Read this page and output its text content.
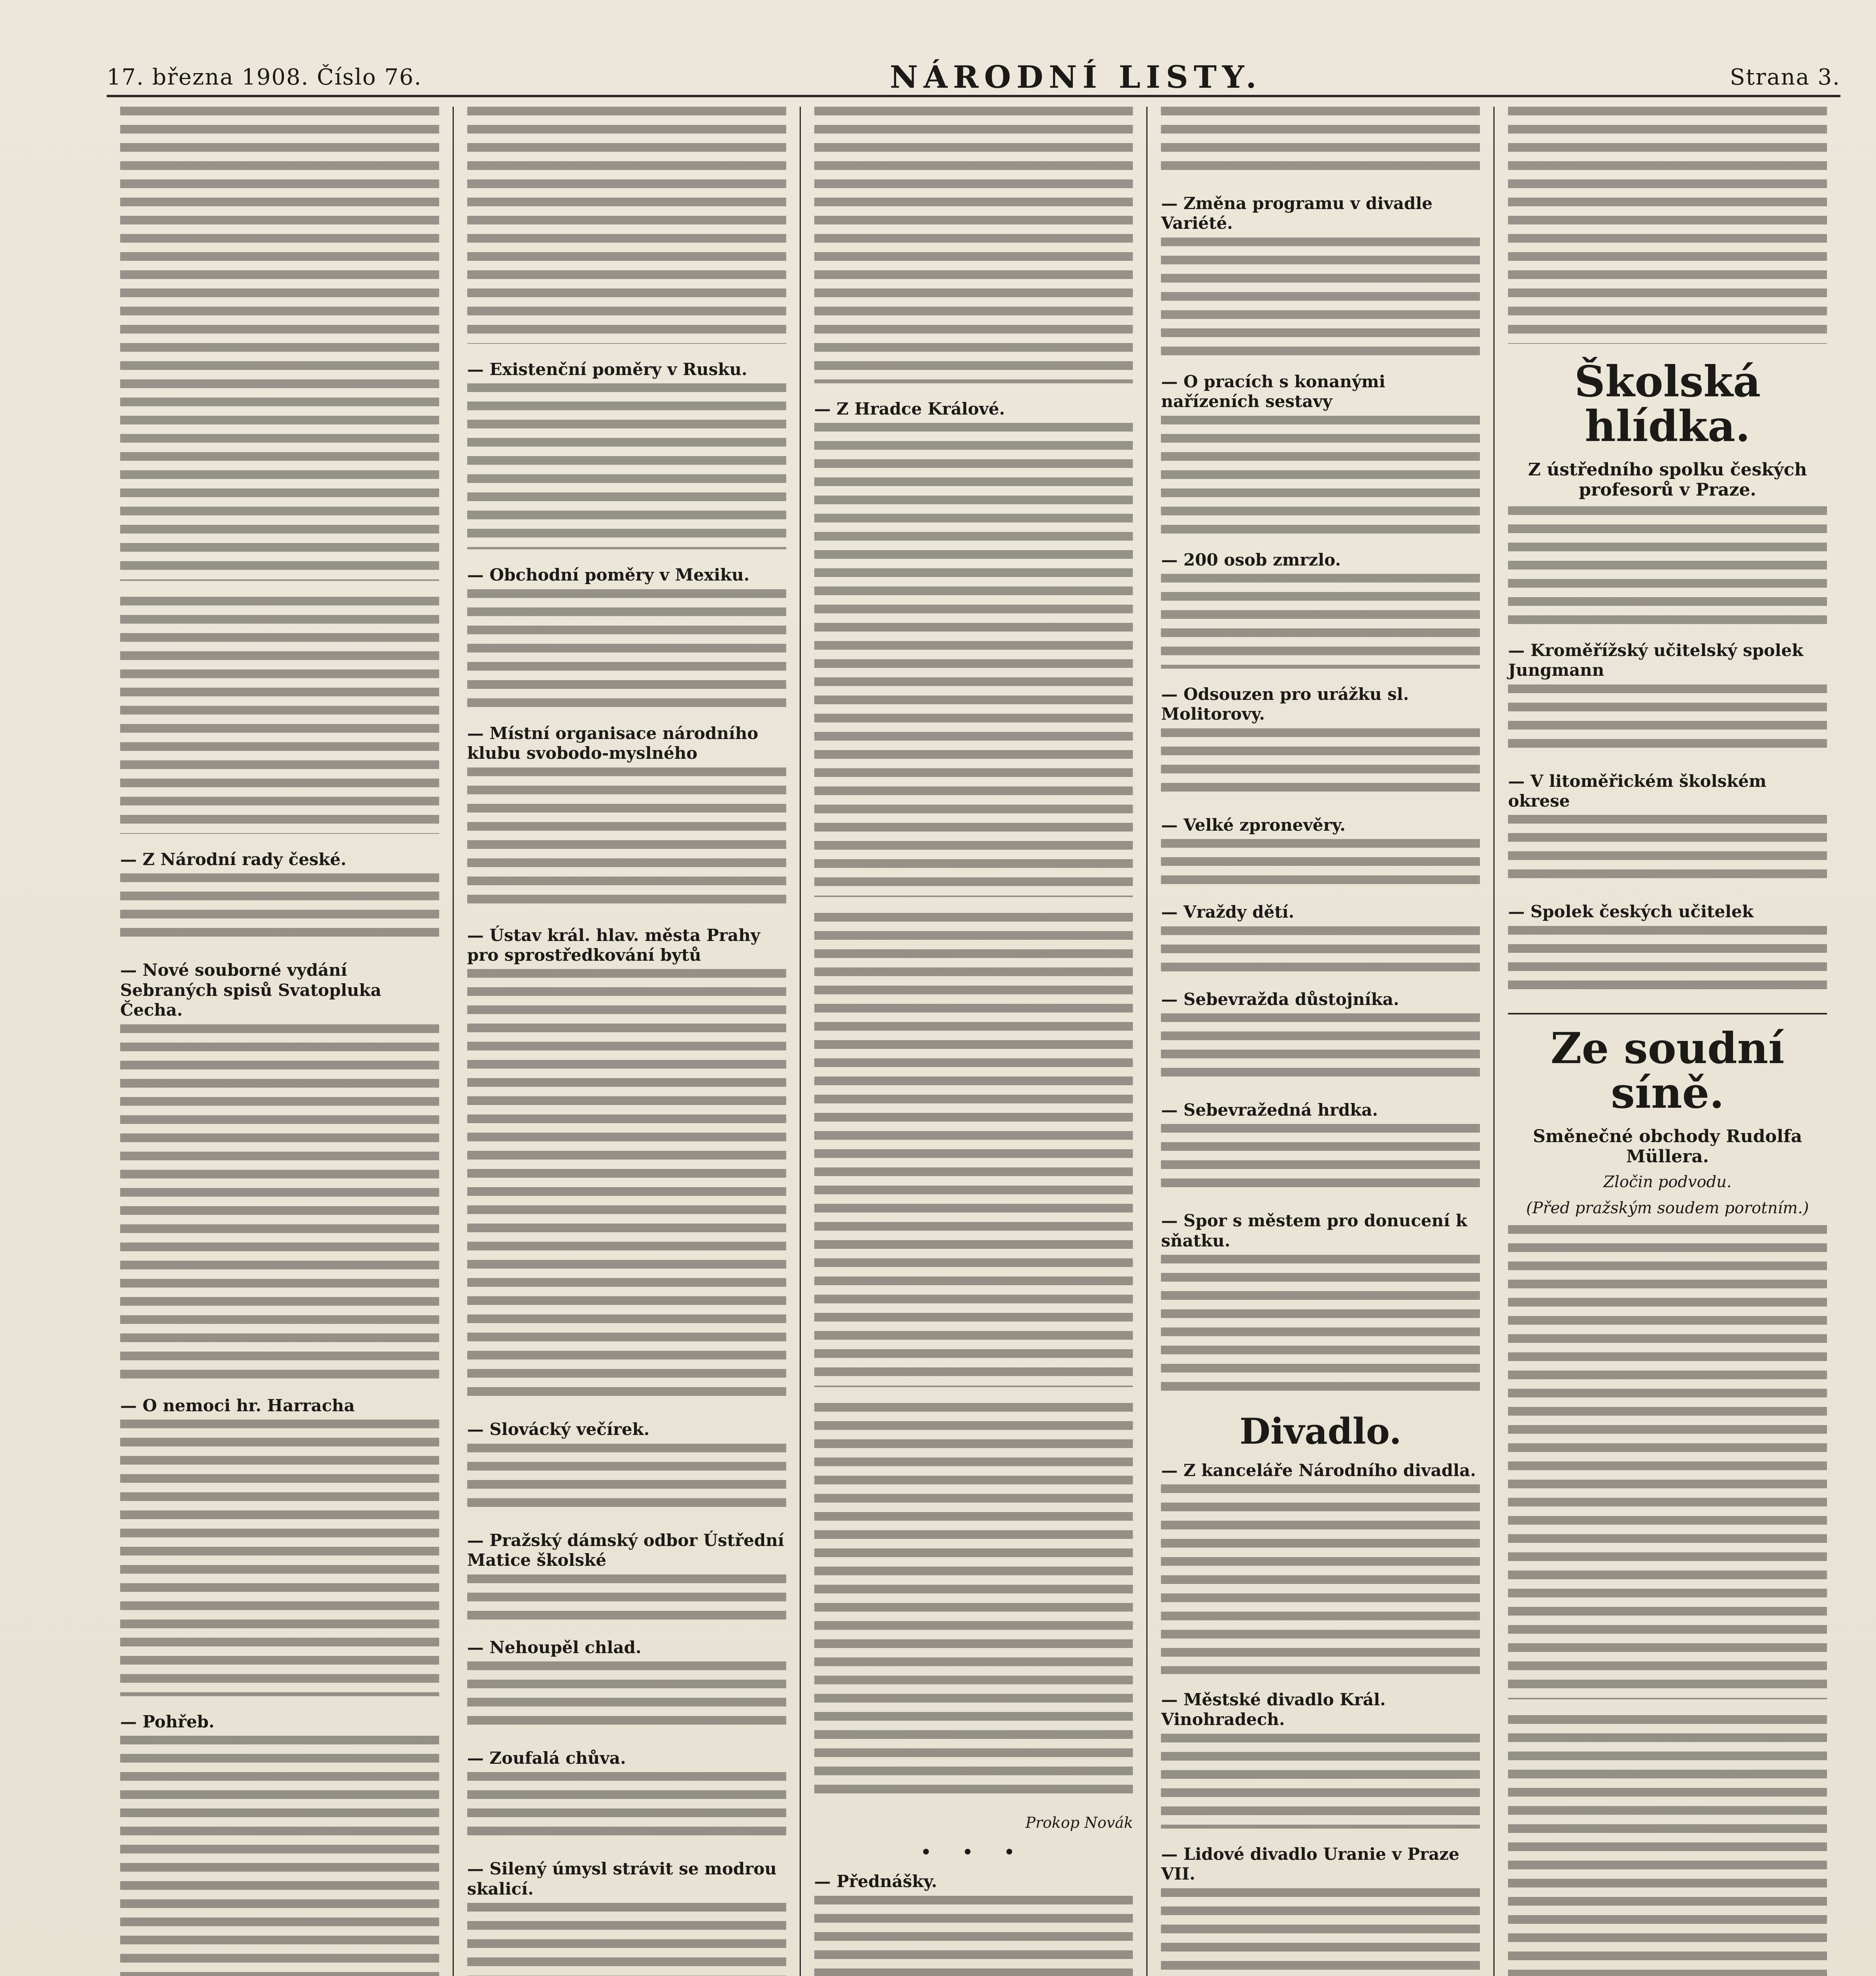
17. března 1908. Číslo 76.	NÁRODNÍ LISTY.	Strana 3.
— Z Národní rady české.
— Nové souborné vydání Sebraných spisů Svatopluka Čecha.
— O nemoci hr. Harracha
— Pohřeb.
— Existenční poměry v Rusku.
— Obchodní poměry v Mexiku.
— Místní organisace národního klubu svobodo-myslného
— Ústav král. hlav. města Prahy pro sprostředkování bytů
— Slovácký večírek.
— Pražský dámský odbor Ústřední Matice školské
— Nehoupěl chlad.
— Zoufalá chůva.
— Silený úmysl strávit se modrou skalicí.
— Z Hradce Králové.
Prokop Novák
• • •
— Přednášky.
— Změna programu v divadle Variété.
— O pracích s konanými nařízeních sestavy
— 200 osob zmrzlo.
— Odsouzen pro urážku sl. Molitorovy.
— Velké zpronevěry.
— Vraždy dětí.
— Sebevražda důstojníka.
— Sebevražedná hrdka.
— Spor s městem pro donucení k sňatku.
Divadlo.
— Z kanceláře Národního divadla.
— Městské divadlo Král. Vinohradech.
— Lidové divadlo Uranie v Praze VII.
Školská hlídka.
Z ústředního spolku českých profesorů v Praze.
— Kroměřížský učitelský spolek Jungmann
— V litoměřickém školském okrese
— Spolek českých učitelek
Ze soudní síně.
Směnečné obchody Rudolfa Müllera.
Zločin podvodu.
(Před pražským soudem porotním.)
